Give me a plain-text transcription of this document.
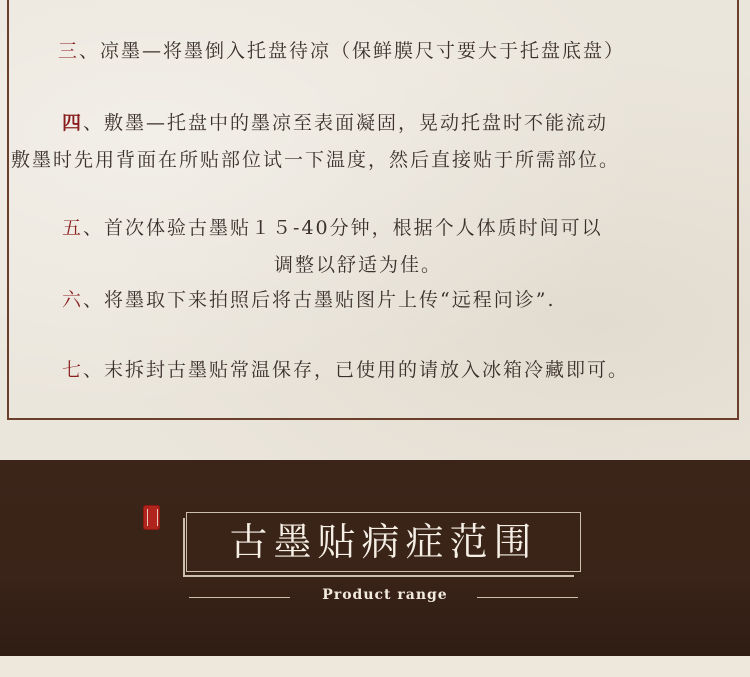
三、凉墨—将墨倒入托盘待凉（保鲜膜尺寸要大于托盘底盘）
四、敷墨—托盘中的墨凉至表面凝固，晃动托盘时不能流动
敷墨时先用背面在所贴部位试一下温度，然后直接贴于所需部位。
五、首次体验古墨贴１５-40分钟，根据个人体质时间可以
调整以舒适为佳。
六、将墨取下来拍照后将古墨贴图片上传“远程问诊”.
七、末拆封古墨贴常温保存，已使用的请放入冰箱冷藏即可。
古墨贴病症范围
Product range
